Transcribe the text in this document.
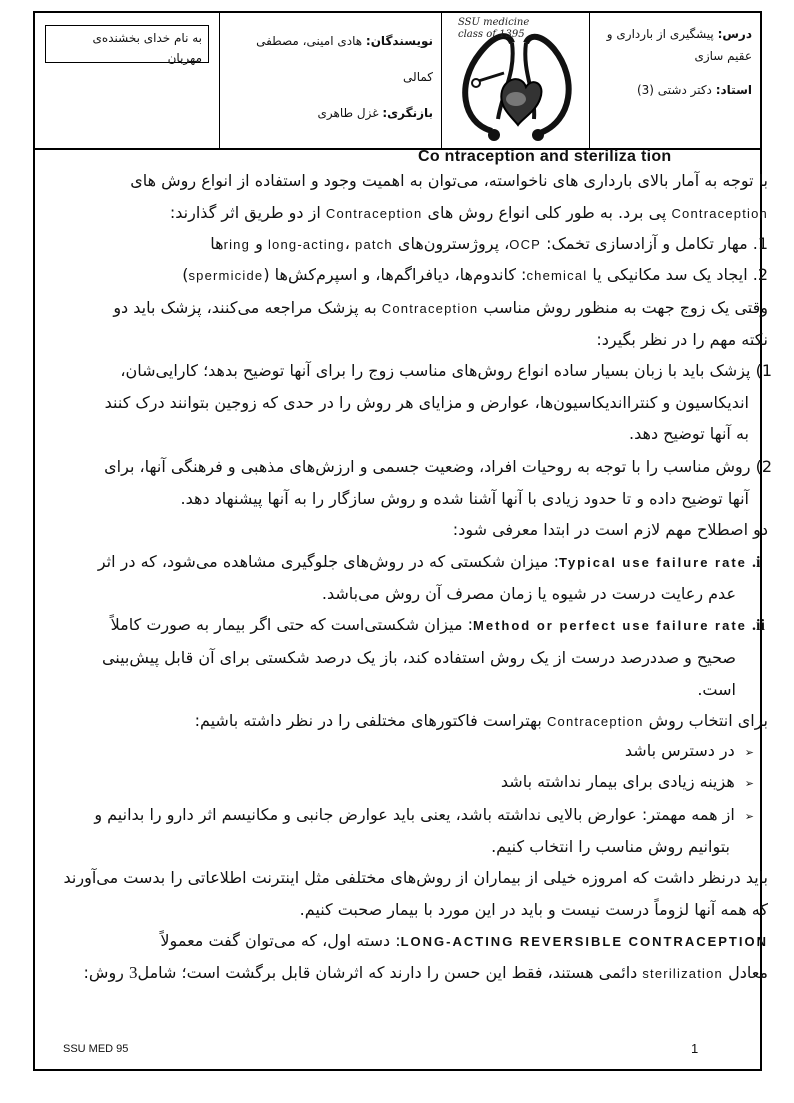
به نام خدای بخشنده‌ی
مهربان
نویسندگان: هادی امینی، مصطفی کمالی
بازنگری: غزل طاهری
SSU medicine
class of 1395	درس: پیشگیری از بارداری و
عقیم سازی
استاد: دکتر دشتی (3)
Co ntraception and steriliza tion
با توجه به آمار بالای بارداری های ناخواسته، می‌توان به اهمیت وجود و استفاده از انواع روش های
Contraception پی برد. به طور کلی انواع روش های Contraception از دو طریق اثر گذارند:
1. مهار تکامل و آزادسازی تخمک: OCP، پروژسترون‌های long-acting، patch و ringها
2. ایجاد یک سد مکانیکی یا chemical: کاندوم‌ها، دیافراگم‌ها، و اسپرم‌کش‌ها (spermicide)
وقتی یک زوج جهت به منظور روش مناسب Contraception به پزشک مراجعه می‌کنند، پزشک باید دو
نکته مهم را در نظر بگیرد:
1) پزشک باید با زبان بسیار ساده انواع روش‌های مناسب زوج را برای آنها توضیح بدهد؛ کارایی‌شان،
اندیکاسیون و کنترااندیکاسیون‌ها، عوارض و مزایای هر روش را در حدی که زوجین بتوانند درک کنند
به آنها توضیح دهد.
2) روش مناسب را با توجه به روحیات افراد، وضعیت جسمی و ارزش‌های مذهبی و فرهنگی آنها، برای
آنها توضیح داده و تا حدود زیادی با آنها آشنا شده و روش سازگار را به آنها پیشنهاد دهد.
دو اصطلاح مهم لازم است در ابتدا معرفی شود:
i. Typical use failure rate: میزان شکستی که در روش‌های جلوگیری مشاهده می‌شود، که در اثر
عدم رعایت درست در شیوه یا زمان مصرف آن روش می‌باشد.
ii. Method or perfect use failure rate: میزان شکستی‌است که حتی اگر بیمار به صورت کاملاً
صحیح و صددرصد درست از یک روش استفاده کند، باز یک درصد شکستی برای آن قابل پیش‌بینی
است.
برای انتخاب روش Contraception بهتراست فاکتورهای مختلفی را در نظر داشته باشیم:
➢در دسترس باشد
➢هزینه زیادی برای بیمار نداشته باشد
➢از همه مهمتر: عوارض بالایی نداشته باشد، یعنی باید عوارض جانبی و مکانیسم اثر دارو را بدانیم و
بتوانیم روش مناسب را انتخاب کنیم.
باید درنظر داشت که امروزه خیلی از بیماران از روش‌های مختلفی مثل اینترنت اطلاعاتی را بدست می‌آورند
که همه آنها لزوماً درست نیست و باید در این مورد با بیمار صحبت کنیم.
LONG-ACTING REVERSIBLE CONTRACEPTION: دسته اول، که می‌توان گفت معمولاً
معادل sterilization دائمی هستند، فقط این حسن را دارند که اثرشان قابل برگشت است؛ شامل3 روش:
SSU MED 95	1
